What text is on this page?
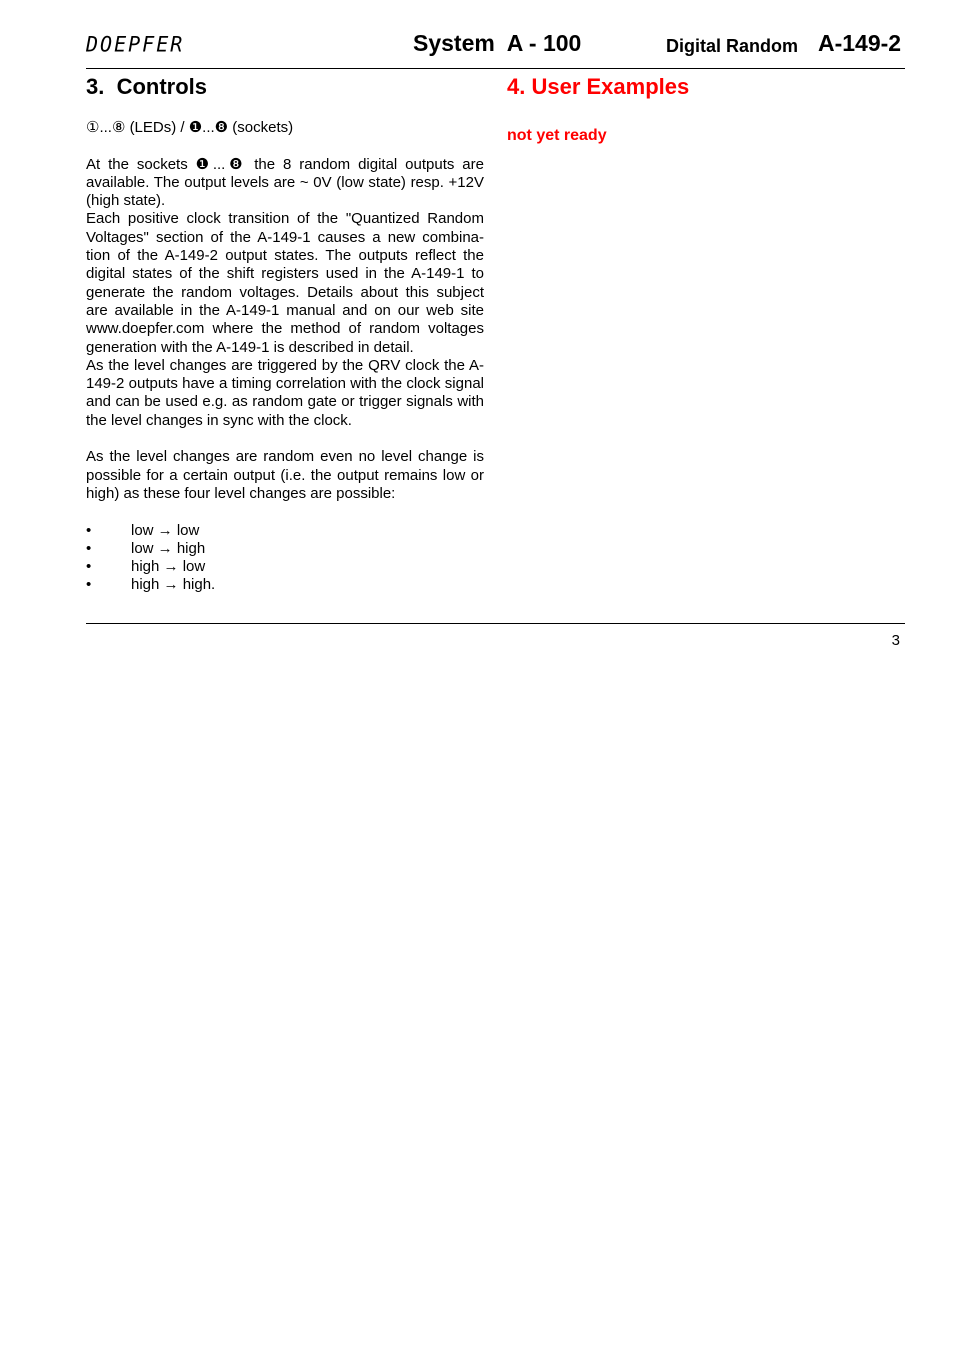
DOEPFER	System  A - 100	Digital Random A-149-2
3.  Controls
①...⑧ (LEDs) / ❶...❽ (sockets)

At the sockets ❶...❽ the 8 random digital outputs are available. The output levels are ~ 0V (low state) resp. +12V (high state).

Each positive clock transition of the "Quantized Random Voltages" section of the A-149-1 causes a new combina-tion of the A-149-2 output states. The outputs reflect the digital states of the shift registers used in the A-149-1 to generate the random voltages. Details about this subject are available in the A-149-1 manual and on our web site www.doepfer.com where the method of random voltages generation with the A-149-1 is described in detail.

As the level changes are triggered by the QRV clock the A-149-2 outputs have a timing correlation with the clock signal and can be used e.g. as random gate or trigger signals with the level changes in sync with the clock.

As the level changes are random even no level change is possible for a certain output (i.e. the output remains low or high) as these four level changes are possible:

•	low → low
•	low → high
•	high → low
•	high → high.
4. User Examples
not yet ready
3
